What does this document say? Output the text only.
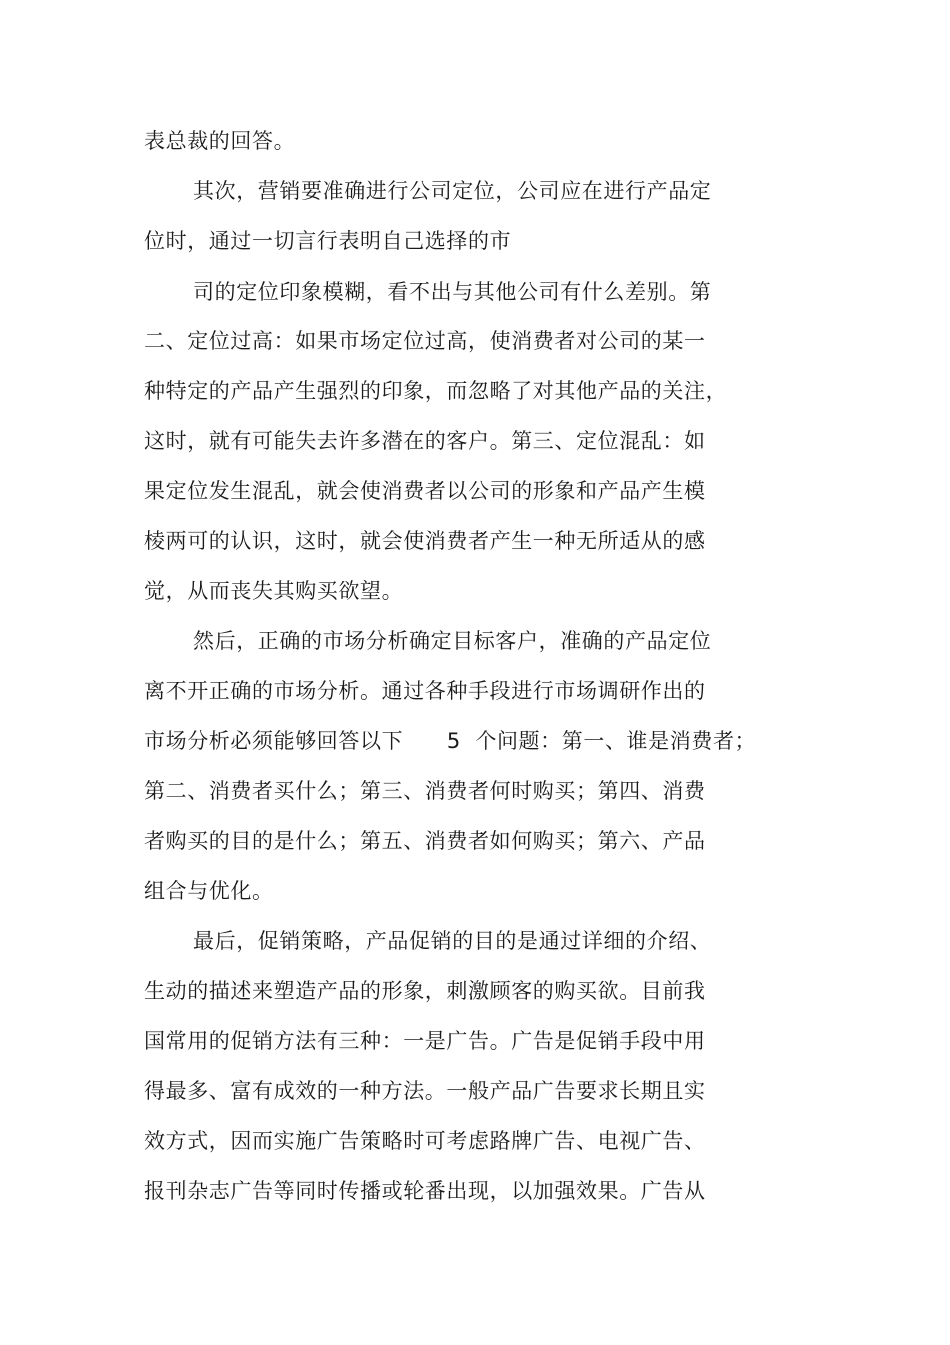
表总裁的回答。
其次，营销要准确进行公司定位，公司应在进行产品定
位时，通过一切言行表明自己选择的市
司的定位印象模糊，看不出与其他公司有什么差别。第
二、定位过高：如果市场定位过高，使消费者对公司的某一
种特定的产品产生强烈的印象，而忽略了对其他产品的关注，
这时，就有可能失去许多潜在的客户。第三、定位混乱：如
果定位发生混乱，就会使消费者以公司的形象和产品产生模
棱两可的认识，这时，就会使消费者产生一种无所适从的感
觉，从而丧失其购买欲望。
然后，正确的市场分析确定目标客户，准确的产品定位
离不开正确的市场分析。通过各种手段进行市场调研作出的
市场分析必须能够回答以下      5  个问题：第一、谁是消费者；
第二、消费者买什么；第三、消费者何时购买；第四、消费
者购买的目的是什么；第五、消费者如何购买；第六、产品
组合与优化。
最后，促销策略，产品促销的目的是通过详细的介绍、
生动的描述来塑造产品的形象，刺激顾客的购买欲。目前我
国常用的促销方法有三种：一是广告。广告是促销手段中用
得最多、富有成效的一种方法。一般产品广告要求长期且实
效方式，因而实施广告策略时可考虑路牌广告、电视广告、
报刊杂志广告等同时传播或轮番出现，以加强效果。广告从
